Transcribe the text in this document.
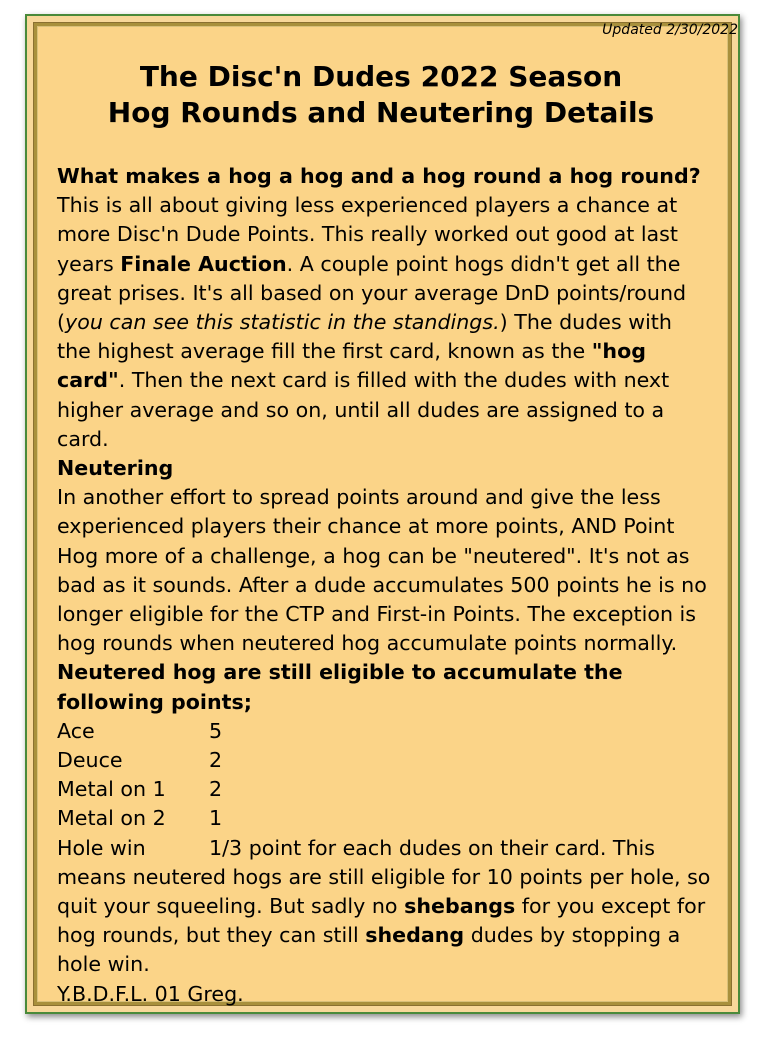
Updated 2/30/2022
The Disc'n Dudes 2022 Season
Hog Rounds and Neutering Details

What makes a hog a hog and a hog round a hog round?

This is all about giving less experienced players a chance at more Disc'n Dude Points. This really worked out good at last years Finale Auction. A couple point hogs didn't get all the great prises. It's all based on your average DnD points/round (you can see this statistic in the standings.) The dudes with the highest average fill the first card, known as the "hog card". Then the next card is filled with the dudes with next higher average and so on, until all dudes are assigned to a card.

Neutering

In another effort to spread points around and give the less experienced players their chance at more points, AND Point Hog more of a challenge, a hog can be "neutered". It's not as bad as it sounds. After a dude accumulates 500 points he is no longer eligible for the CTP and First-in Points. The exception is hog rounds when neutered hog accumulate points normally.

Neutered hog are still eligible to accumulate the following points;

Ace	5
Deuce	2
Metal on 1	2
Metal on 2	1

Hole win	1/3 point for each dudes on their card. This means neutered hogs are still eligible for 10 points per hole, so quit your squeeling. But sadly no shebangs for you except for hog rounds, but they can still shedang dudes by stopping a hole win.

Y.B.D.F.L. 01 Greg.
